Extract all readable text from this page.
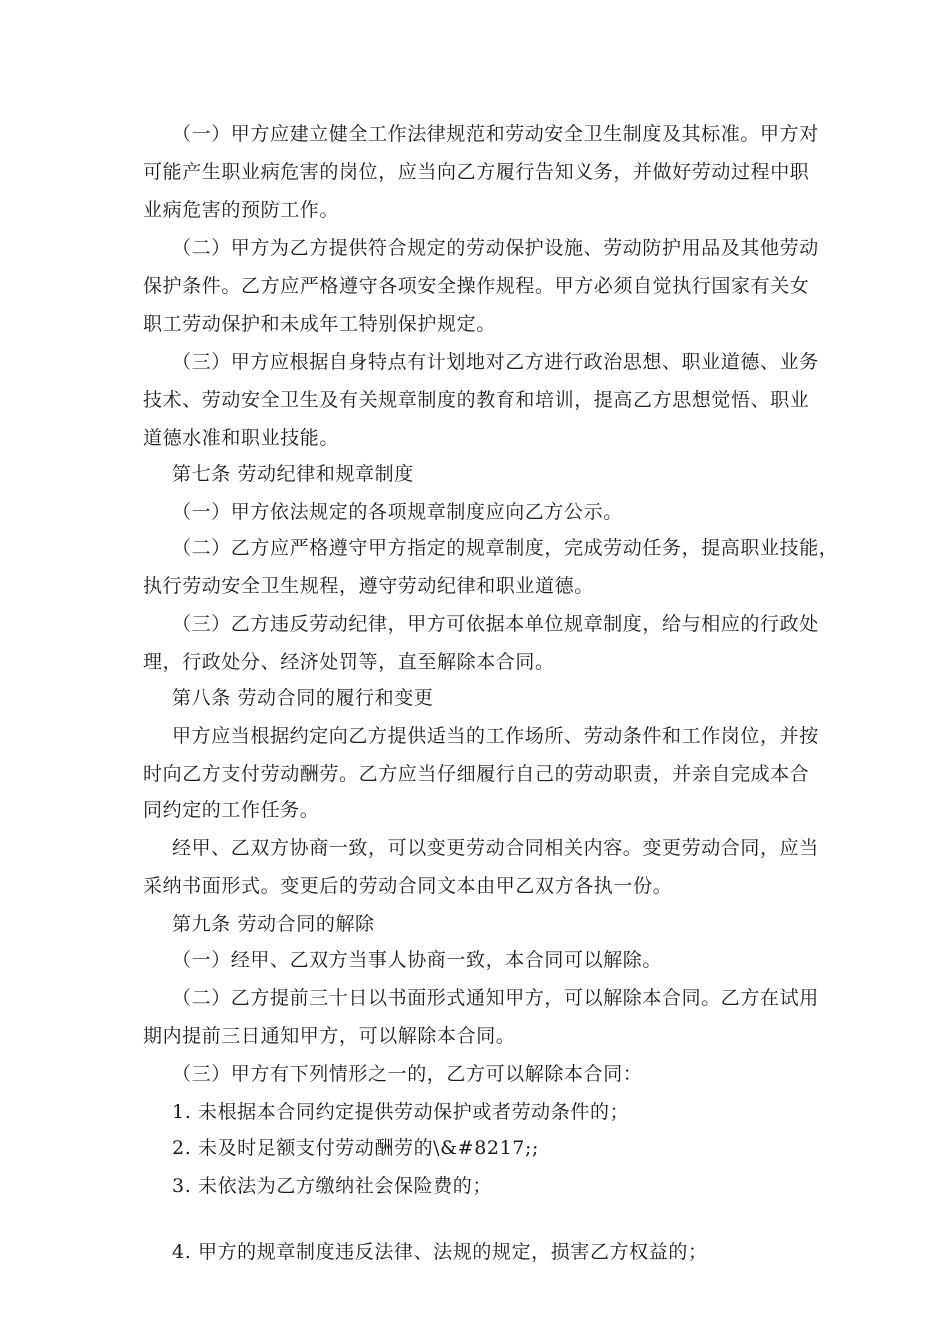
（一）甲方应建立健全工作法律规范和劳动安全卫生制度及其标准。甲方对
可能产生职业病危害的岗位，应当向乙方履行告知义务，并做好劳动过程中职
业病危害的预防工作。
（二）甲方为乙方提供符合规定的劳动保护设施、劳动防护用品及其他劳动
保护条件。乙方应严格遵守各项安全操作规程。甲方必须自觉执行国家有关女
职工劳动保护和未成年工特别保护规定。
（三）甲方应根据自身特点有计划地对乙方进行政治思想、职业道德、业务
技术、劳动安全卫生及有关规章制度的教育和培训，提高乙方思想觉悟、职业
道德水准和职业技能。
第七条 劳动纪律和规章制度
（一）甲方依法规定的各项规章制度应向乙方公示。
（二）乙方应严格遵守甲方指定的规章制度，完成劳动任务，提高职业技能，
执行劳动安全卫生规程，遵守劳动纪律和职业道德。
（三）乙方违反劳动纪律，甲方可依据本单位规章制度，给与相应的行政处
理，行政处分、经济处罚等，直至解除本合同。
第八条 劳动合同的履行和变更
甲方应当根据约定向乙方提供适当的工作场所、劳动条件和工作岗位，并按
时向乙方支付劳动酬劳。乙方应当仔细履行自己的劳动职责，并亲自完成本合
同约定的工作任务。
经甲、乙双方协商一致，可以变更劳动合同相关内容。变更劳动合同，应当
采纳书面形式。变更后的劳动合同文本由甲乙双方各执一份。
第九条 劳动合同的解除
（一）经甲、乙双方当事人协商一致，本合同可以解除。
（二）乙方提前三十日以书面形式通知甲方，可以解除本合同。乙方在试用
期内提前三日通知甲方，可以解除本合同。
（三）甲方有下列情形之一的，乙方可以解除本合同：
1. 未根据本合同约定提供劳动保护或者劳动条件的；
2. 未及时足额支付劳动酬劳的\&#8217;;
3. 未依法为乙方缴纳社会保险费的；
4. 甲方的规章制度违反法律、法规的规定，损害乙方权益的；
